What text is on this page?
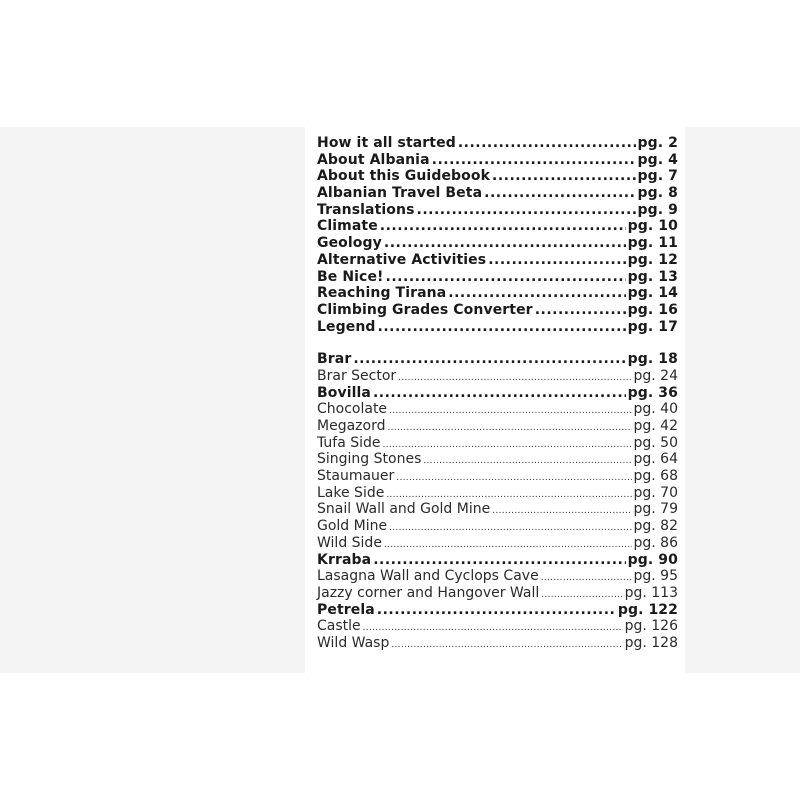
How it all started .....	pg. 2
About Albania .....	pg. 4
About this Guidebook .....	pg. 7
Albanian Travel Beta .....	pg. 8
Translations .....	pg. 9
Climate .....	pg. 10
Geology .....	pg. 11
Alternative Activities .....	pg. 12
Be Nice! .....	pg. 13
Reaching Tirana .....	pg. 14
Climbing Grades Converter .....	pg. 16
Legend .....	pg. 17
Brar .....	pg. 18
Brar Sector .....	pg. 24
Bovilla .....	pg. 36
Chocolate .....	pg. 40
Megazord .....	pg. 42
Tufa Side .....	pg. 50
Singing Stones .....	pg. 64
Staumauer .....	pg. 68
Lake Side .....	pg. 70
Snail Wall and Gold Mine .....	pg. 79
Gold Mine .....	pg. 82
Wild Side .....	pg. 86
Krraba .....	pg. 90
Lasagna Wall and Cyclops Cave .....	pg. 95
Jazzy corner and Hangover Wall .....	pg. 113
Petrela .....	pg. 122
Castle .....	pg. 126
Wild Wasp .....	pg. 128
